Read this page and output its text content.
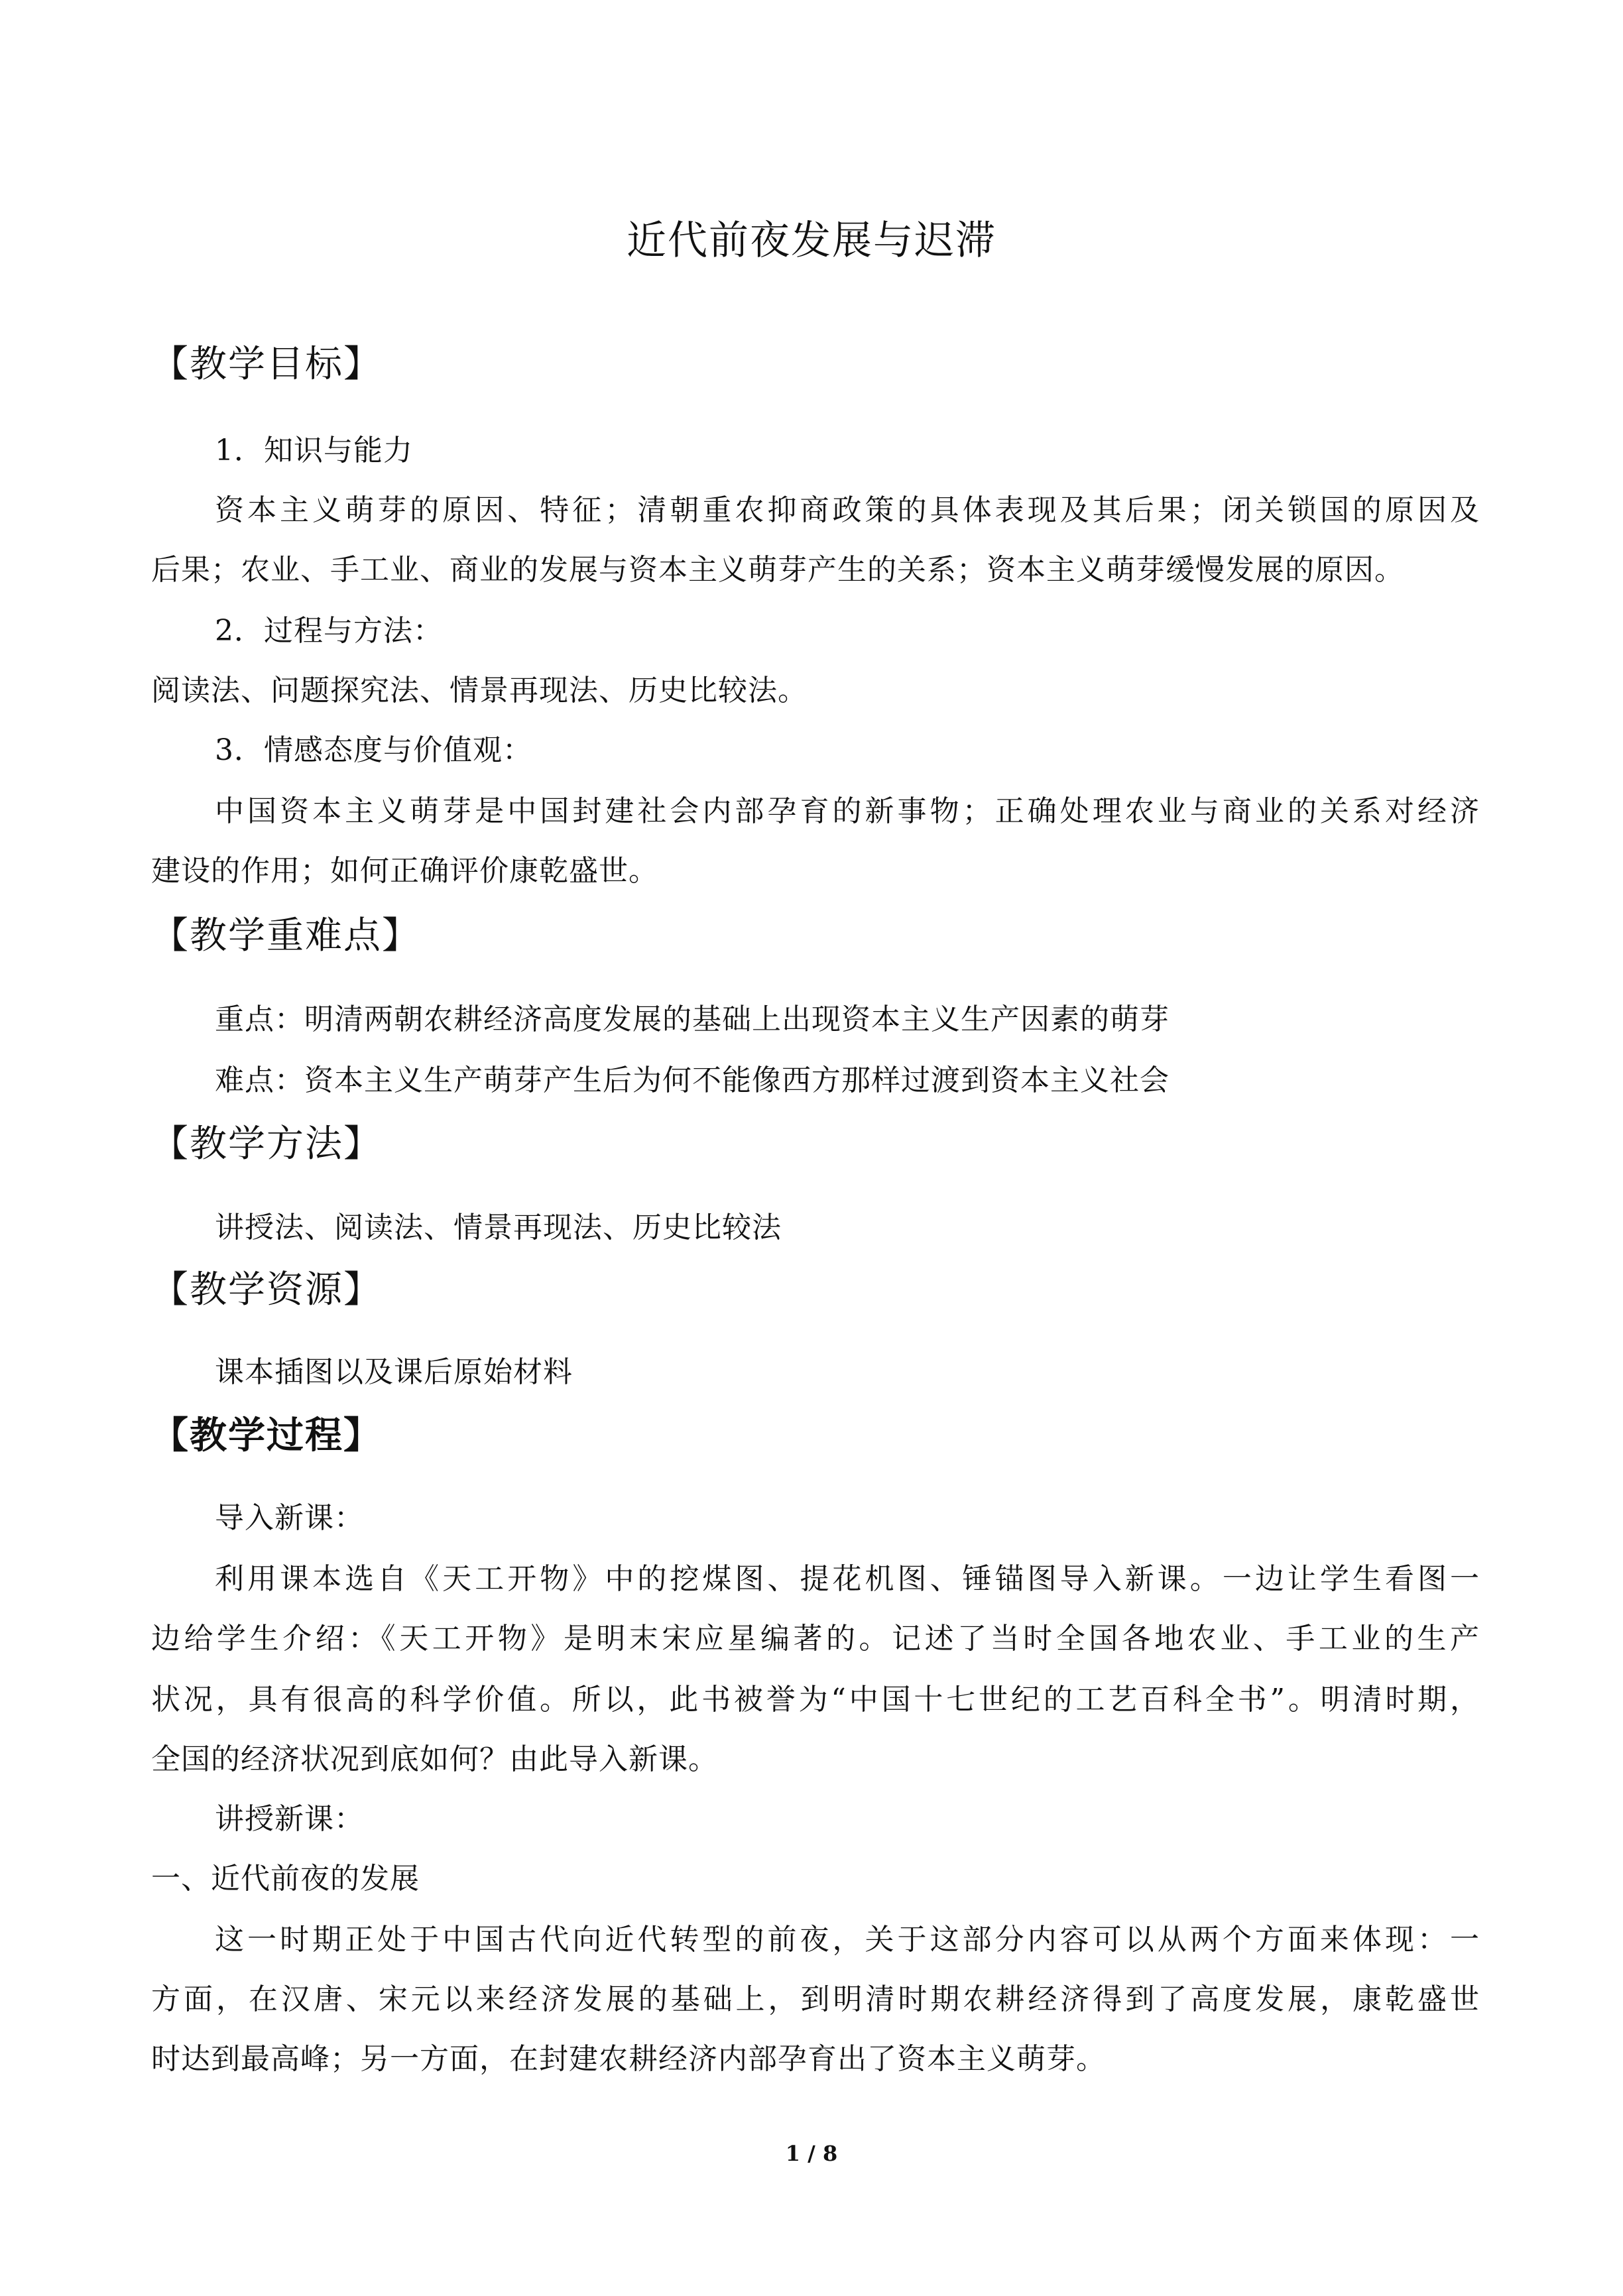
近代前夜发展与迟滞
【教学目标】
1．知识与能力
资本主义萌芽的原因、特征；清朝重农抑商政策的具体表现及其后果；闭关锁国的原因及
后果；农业、手工业、商业的发展与资本主义萌芽产生的关系；资本主义萌芽缓慢发展的原因。
2．过程与方法：
阅读法、问题探究法、情景再现法、历史比较法。
3．情感态度与价值观：
中国资本主义萌芽是中国封建社会内部孕育的新事物；正确处理农业与商业的关系对经济
建设的作用；如何正确评价康乾盛世。
【教学重难点】
重点：明清两朝农耕经济高度发展的基础上出现资本主义生产因素的萌芽
难点：资本主义生产萌芽产生后为何不能像西方那样过渡到资本主义社会
【教学方法】
讲授法、阅读法、情景再现法、历史比较法
【教学资源】
课本插图以及课后原始材料
【教学过程】
导入新课：
利用课本选自《天工开物》中的挖煤图、提花机图、锤锚图导入新课。一边让学生看图一
边给学生介绍：《天工开物》是明末宋应星编著的。记述了当时全国各地农业、手工业的生产
状况，具有很高的科学价值。所以，此书被誉为“中国十七世纪的工艺百科全书”。明清时期，
全国的经济状况到底如何？由此导入新课。
讲授新课：
一、近代前夜的发展
这一时期正处于中国古代向近代转型的前夜，关于这部分内容可以从两个方面来体现：一
方面，在汉唐、宋元以来经济发展的基础上，到明清时期农耕经济得到了高度发展，康乾盛世
时达到最高峰；另一方面，在封建农耕经济内部孕育出了资本主义萌芽。
1 / 8
